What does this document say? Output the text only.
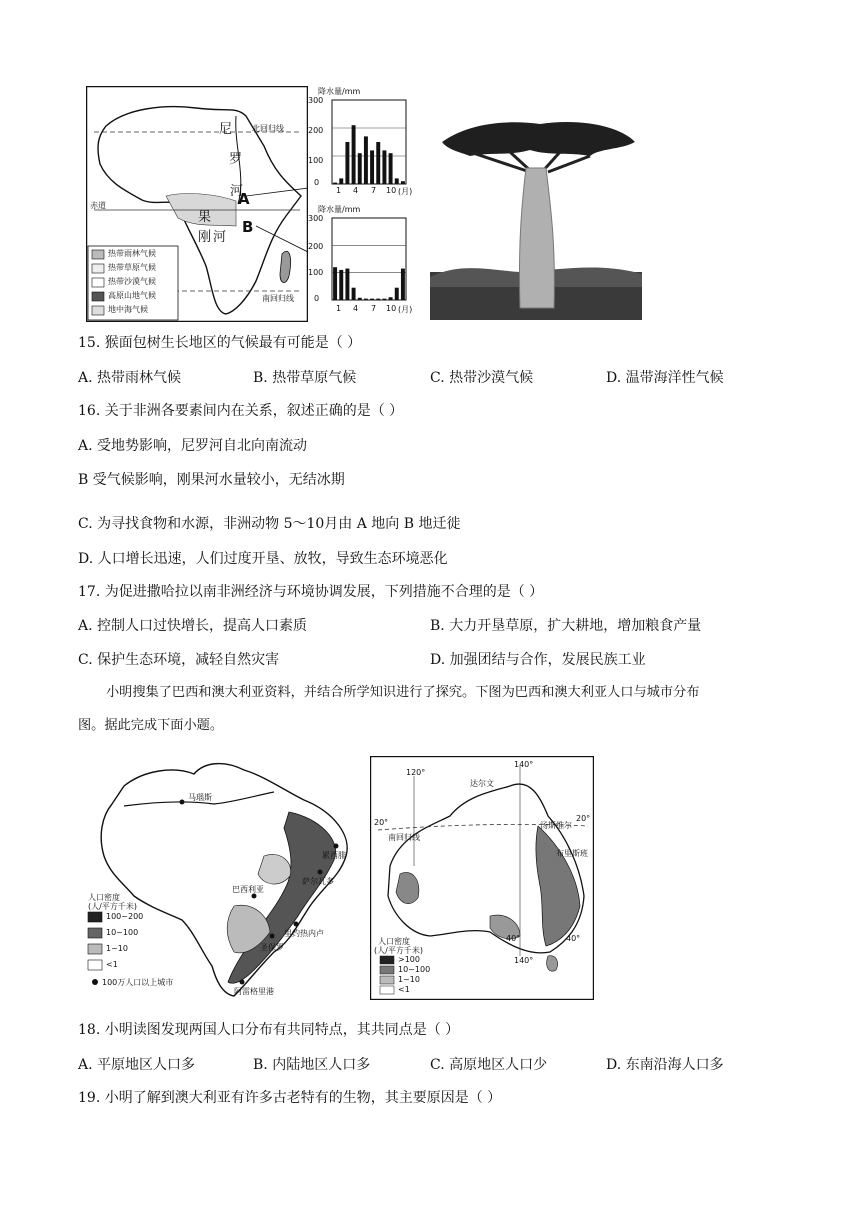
尼
罗
河
A
B
果
刚 河
北回归线
赤道
南回归线
热带雨林气候
热带草原气候
热带沙漠气候
高原山地气候
地中海气候
降水量/mm
300
200
100
0
1 4 7 10 (月)
降水量/mm
300
200
100
0
1 4 7 10 (月)
15. 猴面包树生长地区的气候最有可能是（ ）
A. 热带雨林气候	B. 热带草原气候	C. 热带沙漠气候	D. 温带海洋性气候
16. 关于非洲各要素间内在关系，叙述正确的是（ ）
A. 受地势影响，尼罗河自北向南流动
B 受气候影响，刚果河水量较小，无结冰期
C. 为寻找食物和水源，非洲动物 5～10月由 A 地向 B 地迁徙
D. 人口增长迅速，人们过度开垦、放牧，导致生态环境恶化
17. 为促进撒哈拉以南非洲经济与环境协调发展，下列措施不合理的是（ ）
A. 控制人口过快增长，提高人口素质	B. 大力开垦草原，扩大耕地，增加粮食产量
C. 保护生态环境，减轻自然灾害	D. 加强团结与合作，发展民族工业
小明搜集了巴西和澳大利亚资料，并结合所学知识进行了探究。下图为巴西和澳大利亚人口与城市分布
图。据此完成下面小题。
马瑙斯
累西腓
萨尔瓦多
巴西利亚
里约热内卢
圣保罗
阿雷格里港
人口密度
(人/平方千米)
100~200
10~100
1~10
<1
100万人口以上城市
达尔文
汤斯维尔
布里斯班
南回归线
140°
120°
20°	20°
40°	40°
140°
人口密度
(人/平方千米)
>100
10~100
1~10
<1
18. 小明读图发现两国人口分布有共同特点，其共同点是（ ）
A. 平原地区人口多	B. 内陆地区人口多	C. 高原地区人口少	D. 东南沿海人口多
19. 小明了解到澳大利亚有许多古老特有的生物，其主要原因是（ ）
